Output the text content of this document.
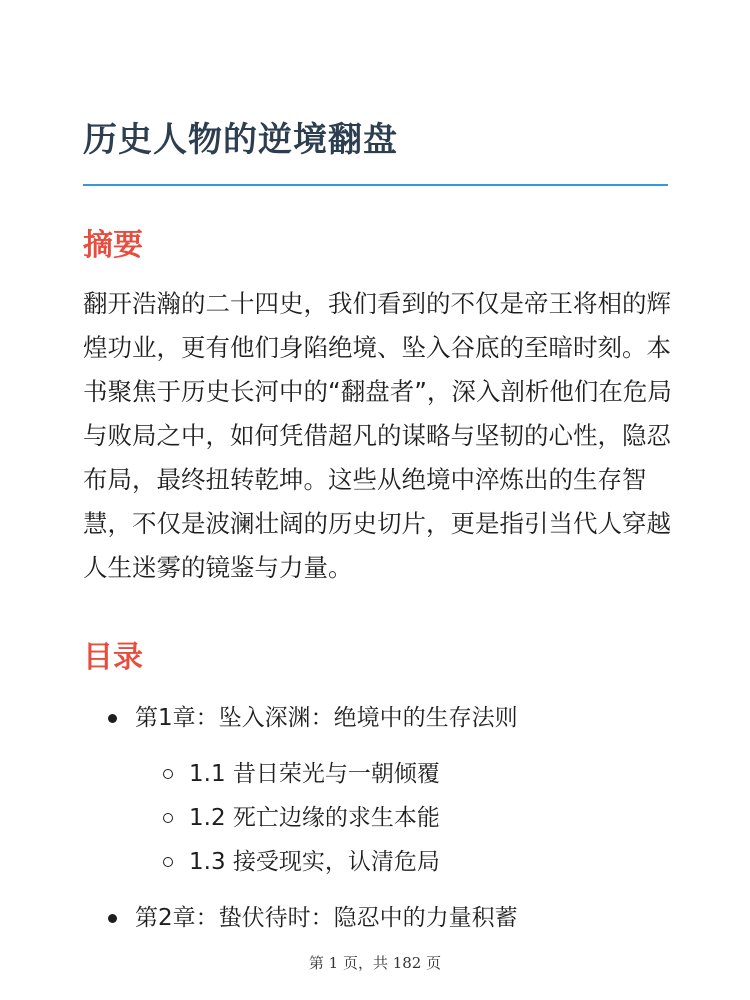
历史人物的逆境翻盘
摘要

翻开浩瀚的二十四史，我们看到的不仅是帝王将相的辉煌功业，更有他们身陷绝境、坠入谷底的至暗时刻。本书聚焦于历史长河中的“翻盘者”，深入剖析他们在危局与败局之中，如何凭借超凡的谋略与坚韧的心性，隐忍布局，最终扭转乾坤。这些从绝境中淬炼出的生存智慧，不仅是波澜壮阔的历史切片，更是指引当代人穿越人生迷雾的镜鉴与力量。

目录
第1章：坠入深渊：绝境中的生存法则
1.1 昔日荣光与一朝倾覆
1.2 死亡边缘的求生本能
1.3 接受现实，认清危局
第2章：蛰伏待时：隐忍中的力量积蓄
第 1 页，共 182 页
